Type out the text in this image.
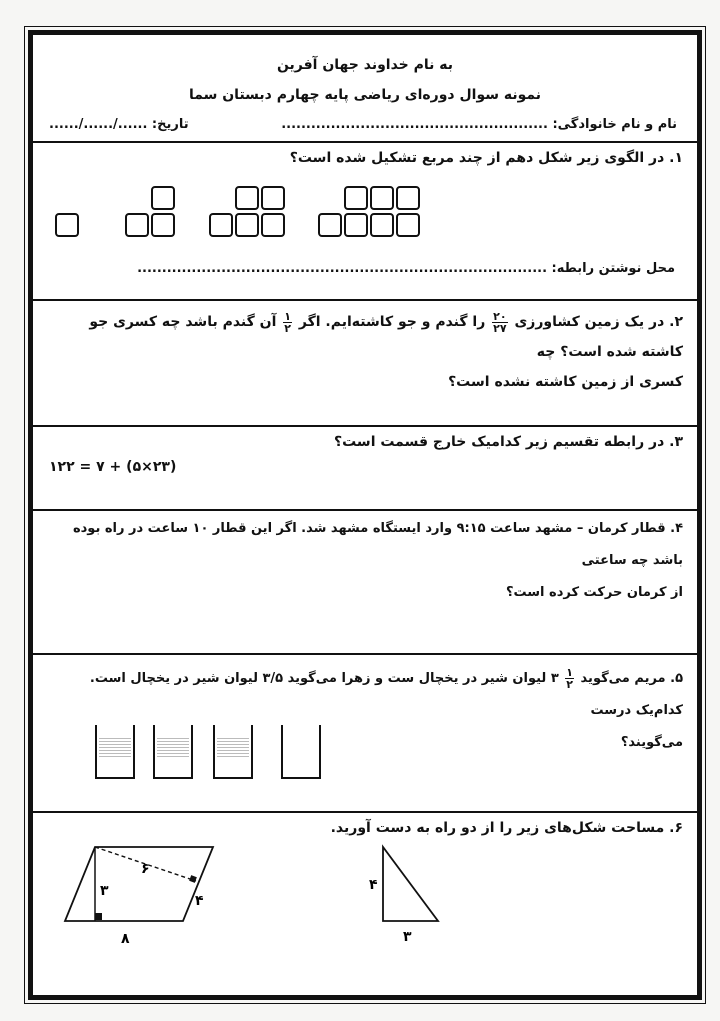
به نام خداوند جهان آفرین
نمونه سوال دوره‌ای ریاضی پایه چهارم دبستان سما
نام و نام خانوادگی: ......................................................
تاریخ: ....../....../......
۱. در الگوی زیر شکل دهم از چند مربع تشکیل شده است؟
محل نوشتن رابطه: ...................................................................................
۲. در یک زمین کشاورزی
$\frac{۲۰}{۲۷}$
را گندم و جو کاشته‌ایم. اگر
$\frac{۱}{۲}$
آن گندم باشد چه کسری جو کاشته شده است؟ چه
کسری از زمین کاشته نشده است؟
۳. در رابطه تقسیم زیر کدامیک خارج قسمت است؟
(۲۳×۵) + ۷ = ۱۲۲
۴. قطار کرمان – مشهد ساعت ۹:۱۵ وارد ایستگاه مشهد شد. اگر این قطار ۱۰ ساعت در راه بوده باشد چه ساعتی
از کرمان حرکت کرده است؟
۵. مریم می‌گوید
$\frac{۱}{۲}$
۳ لیوان شیر در یخچال ست و زهرا می‌گوید ۳/۵ لیوان شیر در یخچال است. کدام‌یک درست
می‌گویند؟
۶. مساحت شکل‌های زیر را از دو راه به دست آورید.
۳
۶
۴
۸
۴
۳
